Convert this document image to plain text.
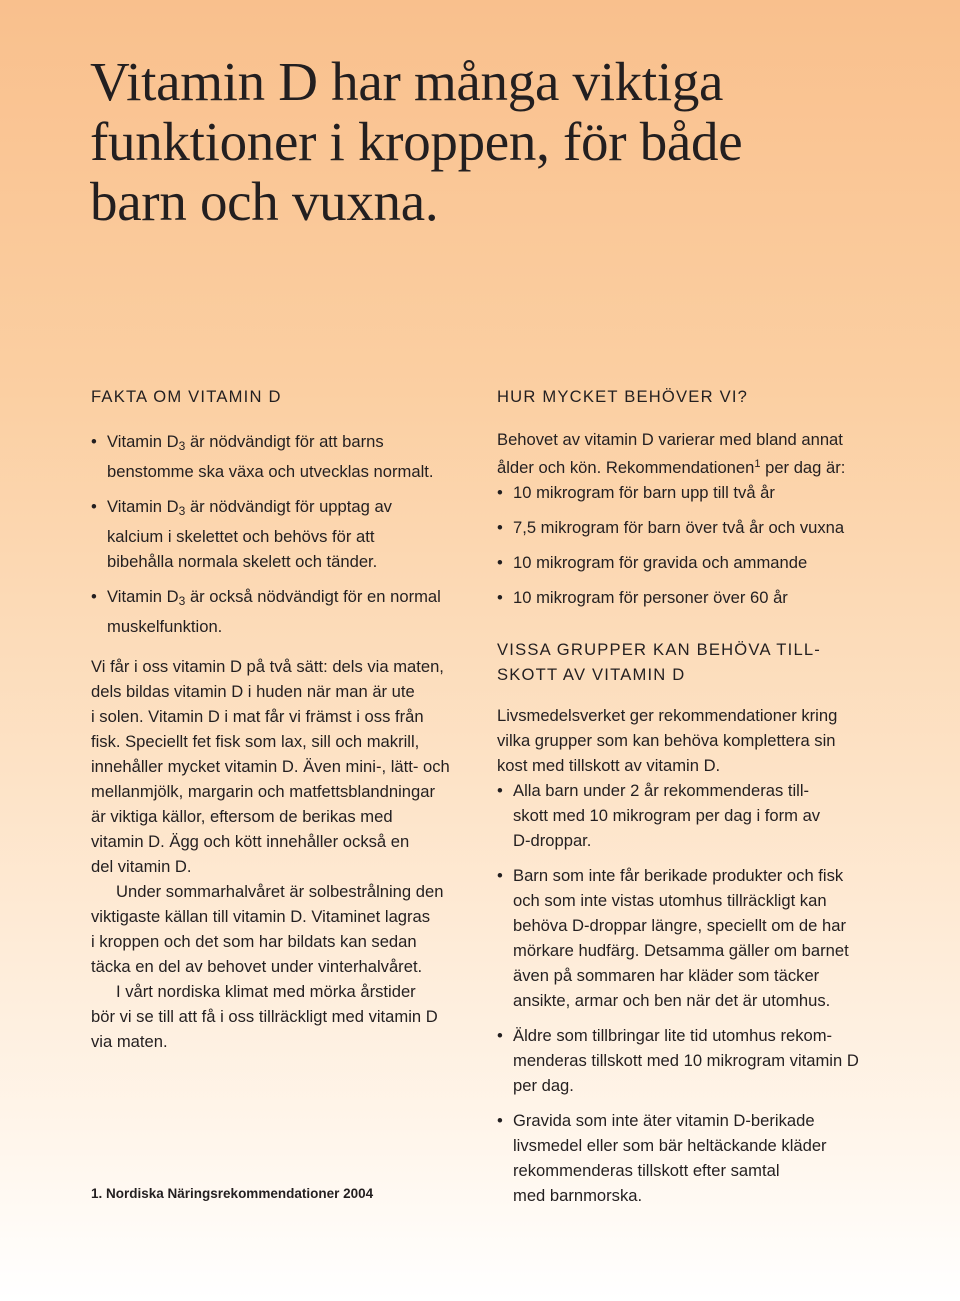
Vitamin D har många viktiga
funktioner i kroppen, för både
barn och vuxna.
FAKTA OM VITAMIN D
• Vitamin $D_3$ är nödvändigt för att barns
benstomme ska växa och utvecklas normalt.
• Vitamin $D_3$ är nödvändigt för upptag av
kalcium i skelettet och behövs för att
bibehålla normala skelett och tänder.
• Vitamin $D_3$ är också nödvändigt för en normal
muskelfunktion.

Vi får i oss vitamin D på två sätt: dels via maten,
dels bildas vitamin D i huden när man är ute
i solen. Vitamin D i mat får vi främst i oss från
fisk. Speciellt fet fisk som lax, sill och makrill,
innehåller mycket vitamin D. Även mini-, lätt- och
mellanmjölk, margarin och matfettsblandningar
är viktiga källor, eftersom de berikas med
vitamin D. Ägg och kött innehåller också en
del vitamin D.

Under sommarhalvåret är solbestrålning den
viktigaste källan till vitamin D. Vitaminet lagras
i kroppen och det som har bildats kan sedan
täcka en del av behovet under vinterhalvåret.

I vårt nordiska klimat med mörka årstider
bör vi se till att få i oss tillräckligt med vitamin D
via maten.

HUR MYCKET BEHÖVER VI?

Behovet av vitamin D varierar med bland annat
ålder och kön. Rekommendationen$^1$ per dag är:

• 10 mikrogram för barn upp till två år
• 7,5 mikrogram för barn över två år och vuxna
• 10 mikrogram för gravida och ammande
• 10 mikrogram för personer över 60 år
VISSA GRUPPER KAN BEHÖVA TILL-
SKOTT AV VITAMIN D

Livsmedelsverket ger rekommendationer kring
vilka grupper som kan behöva komplettera sin
kost med tillskott av vitamin D.

• Alla barn under 2 år rekommenderas till-
skott med 10 mikrogram per dag i form av
D-droppar.
• Barn som inte får berikade produkter och fisk
och som inte vistas utomhus tillräckligt kan
behöva D-droppar längre, speciellt om de har
mörkare hudfärg. Detsamma gäller om barnet
även på sommaren har kläder som täcker
ansikte, armar och ben när det är utomhus.
• Äldre som tillbringar lite tid utomhus rekom-
menderas tillskott med 10 mikrogram vitamin D
per dag.
• Gravida som inte äter vitamin D-berikade
livsmedel eller som bär heltäckande kläder
rekommenderas tillskott efter samtal
med barnmorska.
1. Nordiska Näringsrekommendationer 2004
